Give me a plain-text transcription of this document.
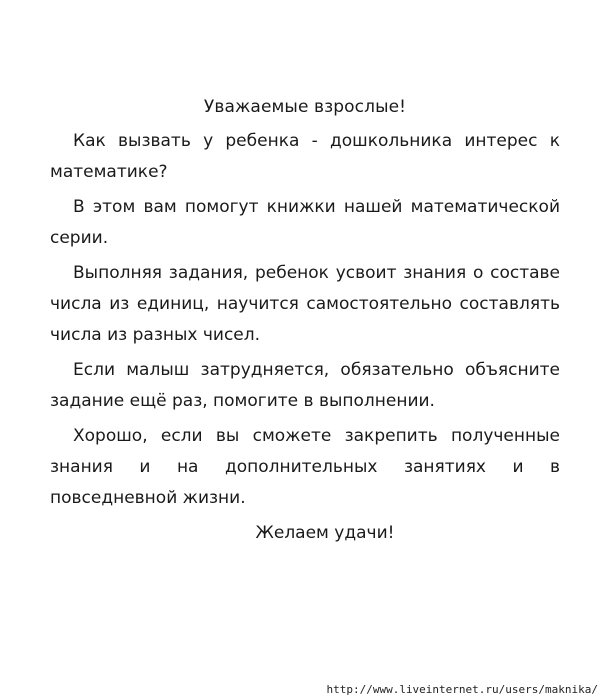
Уважаемые взрослые!

Как вызвать у ребенка - дошкольника интерес к математике?

В этом вам помогут книжки нашей математической серии.

Выполняя задания, ребенок усвоит знания о составе числа из единиц, научится самостоятельно составлять числа из разных чисел.

Если малыш затрудняется, обязательно объясните задание ещё раз, помогите в выполнении.

Хорошо, если вы сможете закрепить полученные знания и на дополнительных занятиях и в повседневной жизни.

Желаем удачи!
http://www.liveinternet.ru/users/maknika/
